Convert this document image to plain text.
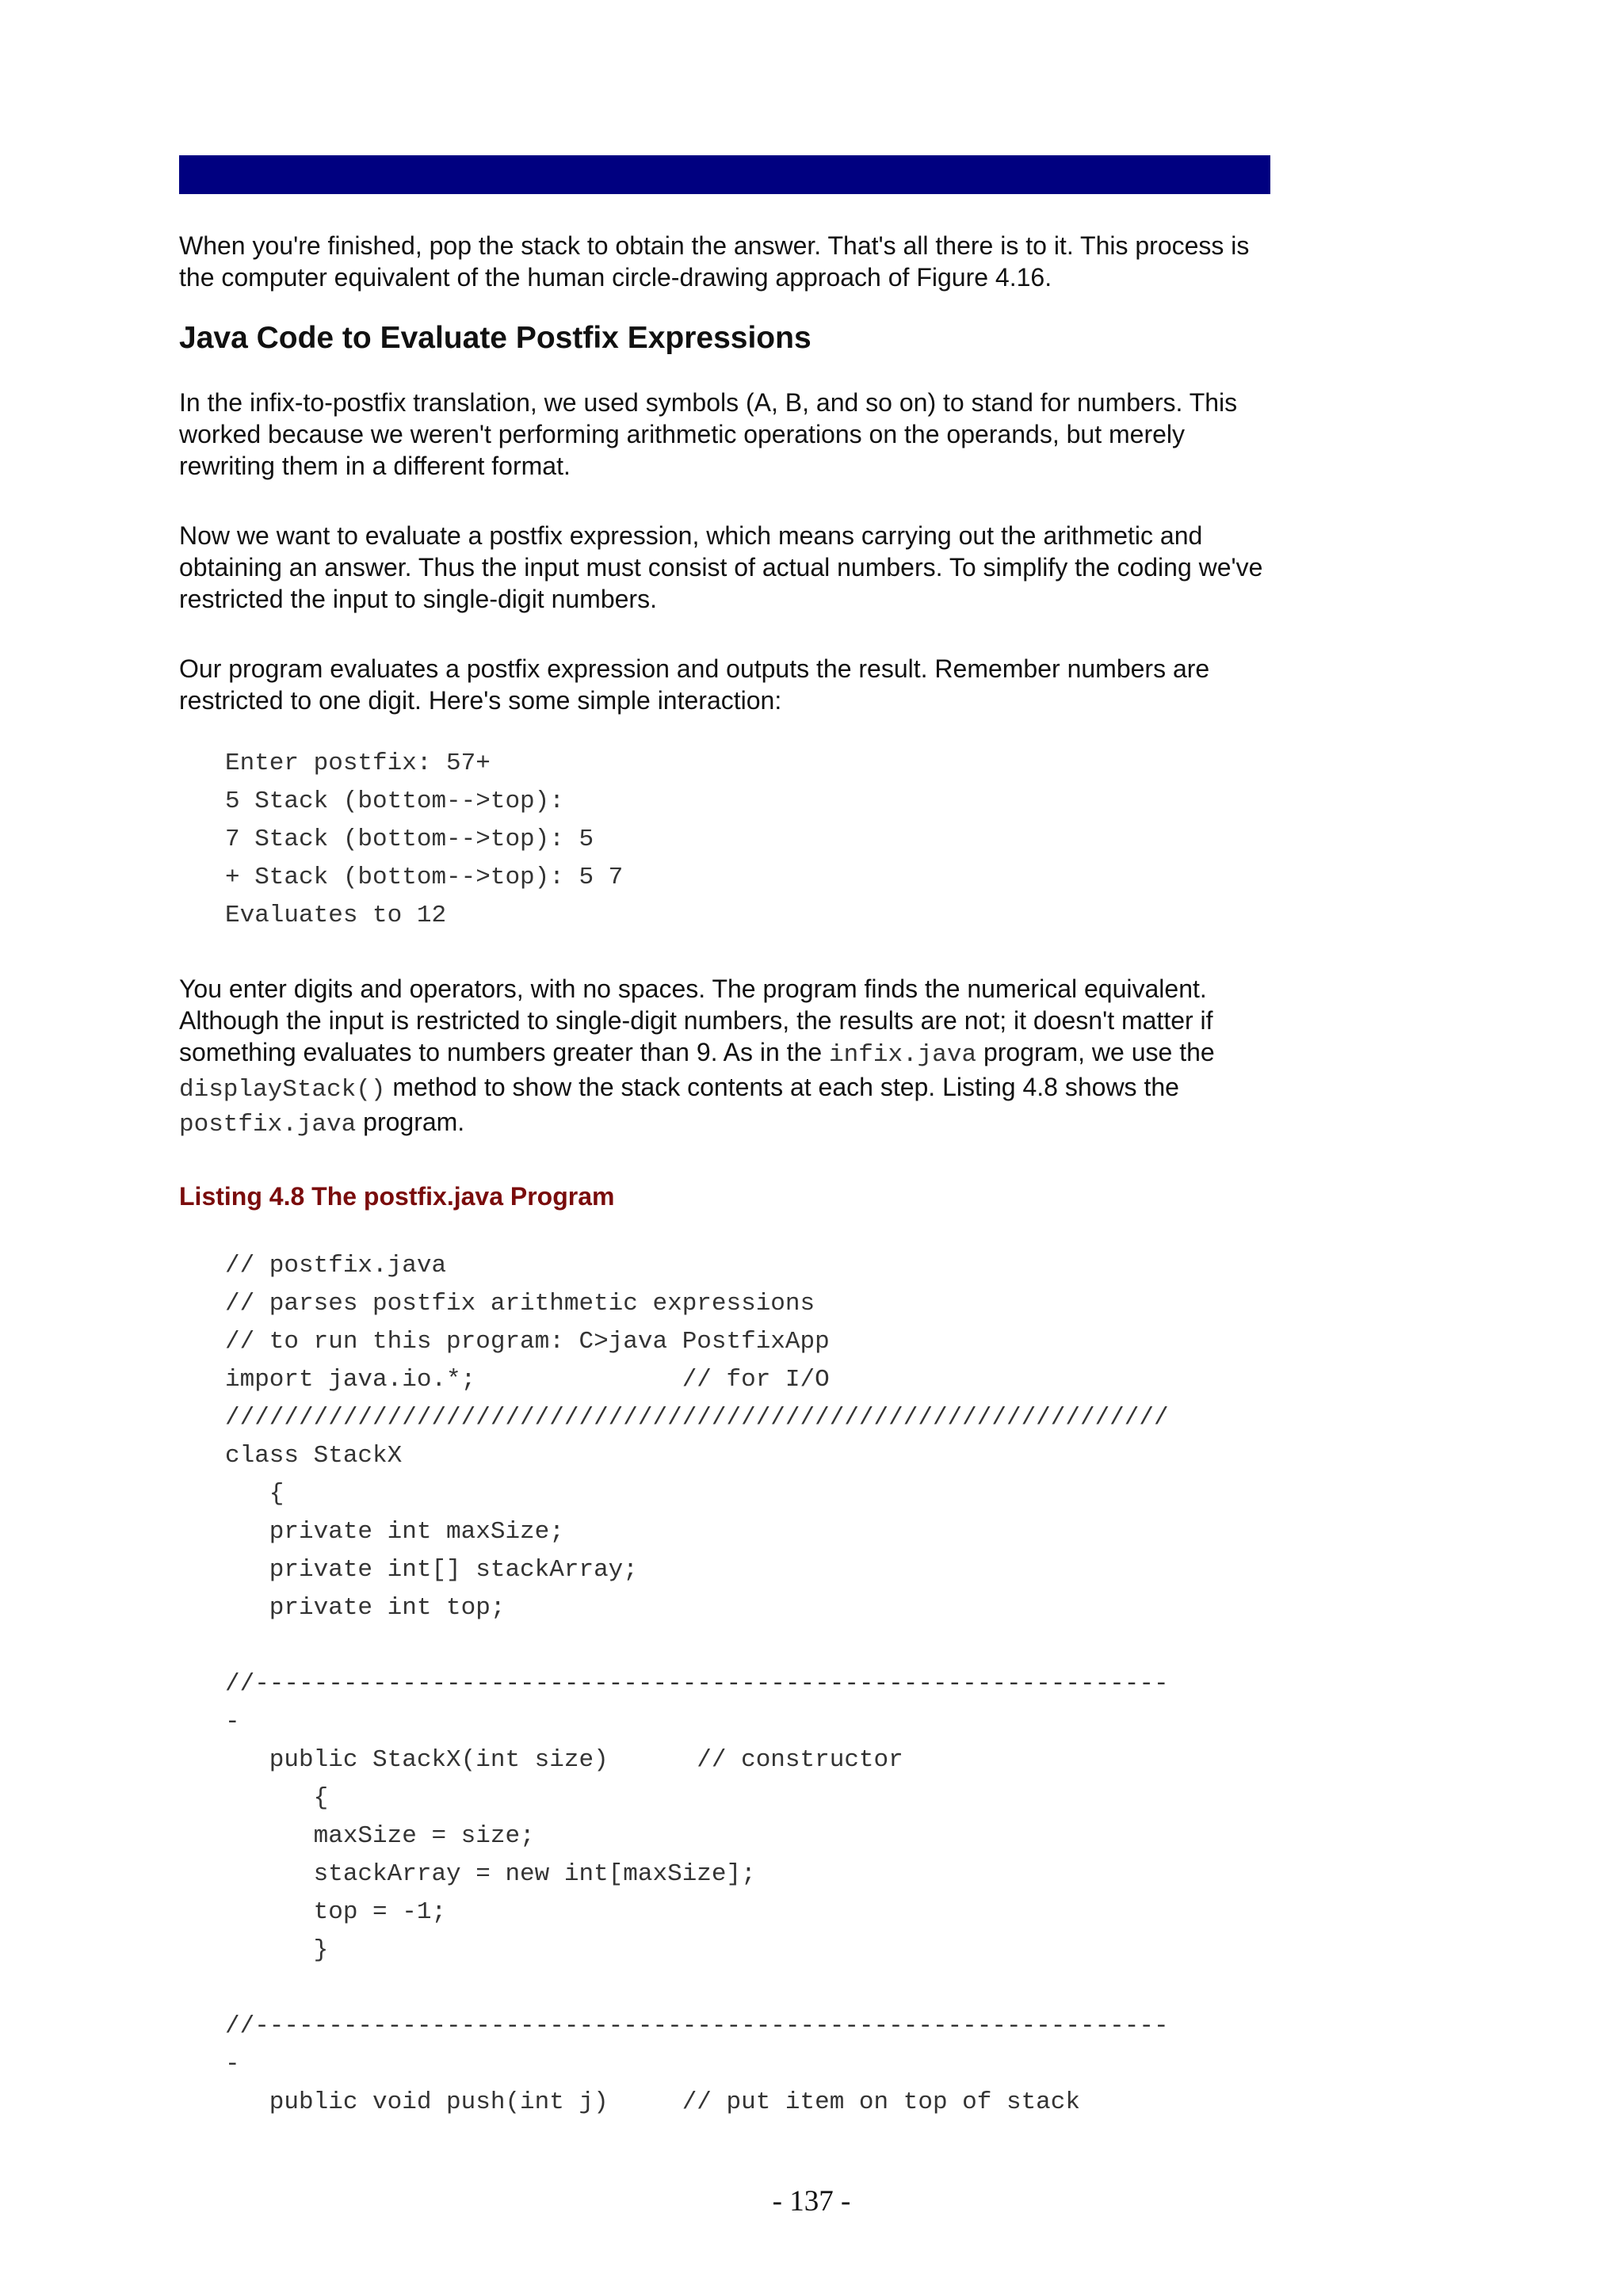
When you're finished, pop the stack to obtain the answer. That's all there is to it. This process is the computer equivalent of the human circle-drawing approach of Figure 4.16.

Java Code to Evaluate Postfix Expressions

In the infix-to-postfix translation, we used symbols (A, B, and so on) to stand for numbers. This worked because we weren't performing arithmetic operations on the operands, but merely rewriting them in a different format.

Now we want to evaluate a postfix expression, which means carrying out the arithmetic and obtaining an answer. Thus the input must consist of actual numbers. To simplify the coding we've restricted the input to single-digit numbers.

Our program evaluates a postfix expression and outputs the result. Remember numbers are restricted to one digit. Here's some simple interaction:

Enter postfix: 57+
5 Stack (bottom-->top):
7 Stack (bottom-->top): 5
+ Stack (bottom-->top): 5 7
Evaluates to 12

You enter digits and operators, with no spaces. The program finds the numerical equivalent. Although the input is restricted to single-digit numbers, the results are not; it doesn't matter if something evaluates to numbers greater than 9. As in the infix.java program, we use the displayStack() method to show the stack contents at each step. Listing 4.8 shows the postfix.java program.

Listing 4.8 The postfix.java Program

// postfix.java
// parses postfix arithmetic expressions
// to run this program: C>java PostfixApp
import java.io.*;              // for I/O
////////////////////////////////////////////////////////////////
class StackX
{
private int maxSize;
private int[] stackArray;
private int top;

//--------------------------------------------------------------
-
public StackX(int size)      // constructor
{
maxSize = size;
stackArray = new int[maxSize];
top = -1;
}

//--------------------------------------------------------------
-
public void push(int j)     // put item on top of stack
- 137 -
